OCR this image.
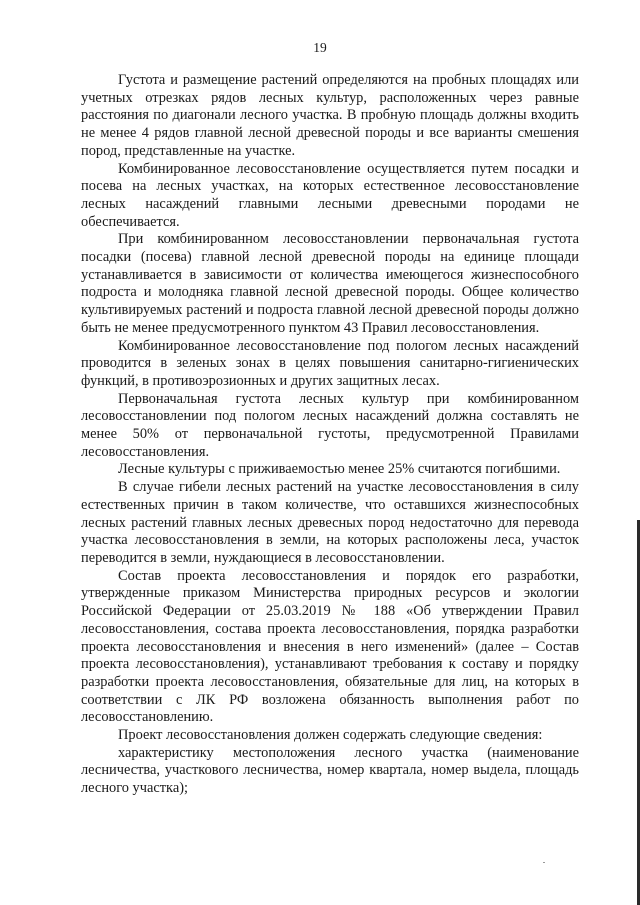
19

Густота и размещение растений определяются на пробных площадях или учетных отрезках рядов лесных культур, расположенных через равные расстояния по диагонали лесного участка. В пробную площадь должны входить не менее 4 рядов главной лесной древесной породы и все варианты смешения пород, представленные на участке.

Комбинированное лесовосстановление осуществляется путем посадки и посева на лесных участках, на которых естественное лесовосстановление лесных насаждений главными лесными древесными породами не обеспечивается.

При комбинированном лесовосстановлении первоначальная густота посадки (посева) главной лесной древесной породы на единице площади устанавливается в зависимости от количества имеющегося жизнеспособного подроста и молодняка главной лесной древесной породы. Общее количество культивируемых растений и подроста главной лесной древесной породы должно быть не менее предусмотренного пунктом 43 Правил лесовосстановления.

Комбинированное лесовосстановление под пологом лесных насаждений проводится в зеленых зонах в целях повышения санитарно-гигиенических функций, в противоэрозионных и других защитных лесах.

Первоначальная густота лесных культур при комбинированном лесовосстановлении под пологом лесных насаждений должна составлять не менее 50% от первоначальной густоты, предусмотренной Правилами лесовосстановления.

Лесные культуры с приживаемостью менее 25% считаются погибшими.

В случае гибели лесных растений на участке лесовосстановления в силу естественных причин в таком количестве, что оставшихся жизнеспособных лесных растений главных лесных древесных пород недостаточно для перевода участка лесовосстановления в земли, на которых расположены леса, участок переводится в земли, нуждающиеся в лесовосстановлении.

Состав проекта лесовосстановления и порядок его разработки, утвержденные приказом Министерства природных ресурсов и экологии Российской Федерации от 25.03.2019 № 188 «Об утверждении Правил лесовосстановления, состава проекта лесовосстановления, порядка разработки проекта лесовосстановления и внесения в него изменений» (далее – Состав проекта лесовосстановления), устанавливают требования к составу и порядку разработки проекта лесовосстановления, обязательные для лиц, на которых в соответствии с ЛК РФ возложена обязанность выполнения работ по лесовосстановлению.

Проект лесовосстановления должен содержать следующие сведения:

характеристику местоположения лесного участка (наименование лесничества, участкового лесничества, номер квартала, номер выдела, площадь лесного участка);
